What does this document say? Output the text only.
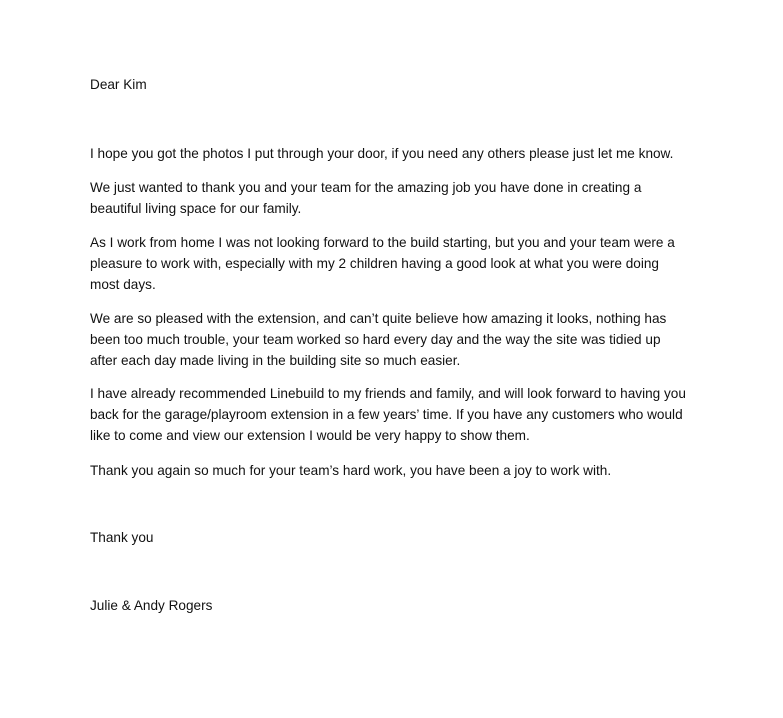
Dear Kim

I hope you got the photos I put through your door, if you need any others please just let me know.

We just wanted to thank you and your team for the amazing job you have done in creating a
beautiful living space for our family.

As I work from home I was not looking forward to the build starting, but you and your team were a
pleasure to work with, especially with my 2 children having a good look at what you were doing
most days.

We are so pleased with the extension, and can’t quite believe how amazing it looks, nothing has
been too much trouble, your team worked so hard every day and the way the site was tidied up
after each day made living in the building site so much easier.

I have already recommended Linebuild to my friends and family, and will look forward to having you
back for the garage/playroom extension in a few years’ time. If you have any customers who would
like to come and view our extension I would be very happy to show them.

Thank you again so much for your team’s hard work, you have been a joy to work with.

Thank you

Julie & Andy Rogers
